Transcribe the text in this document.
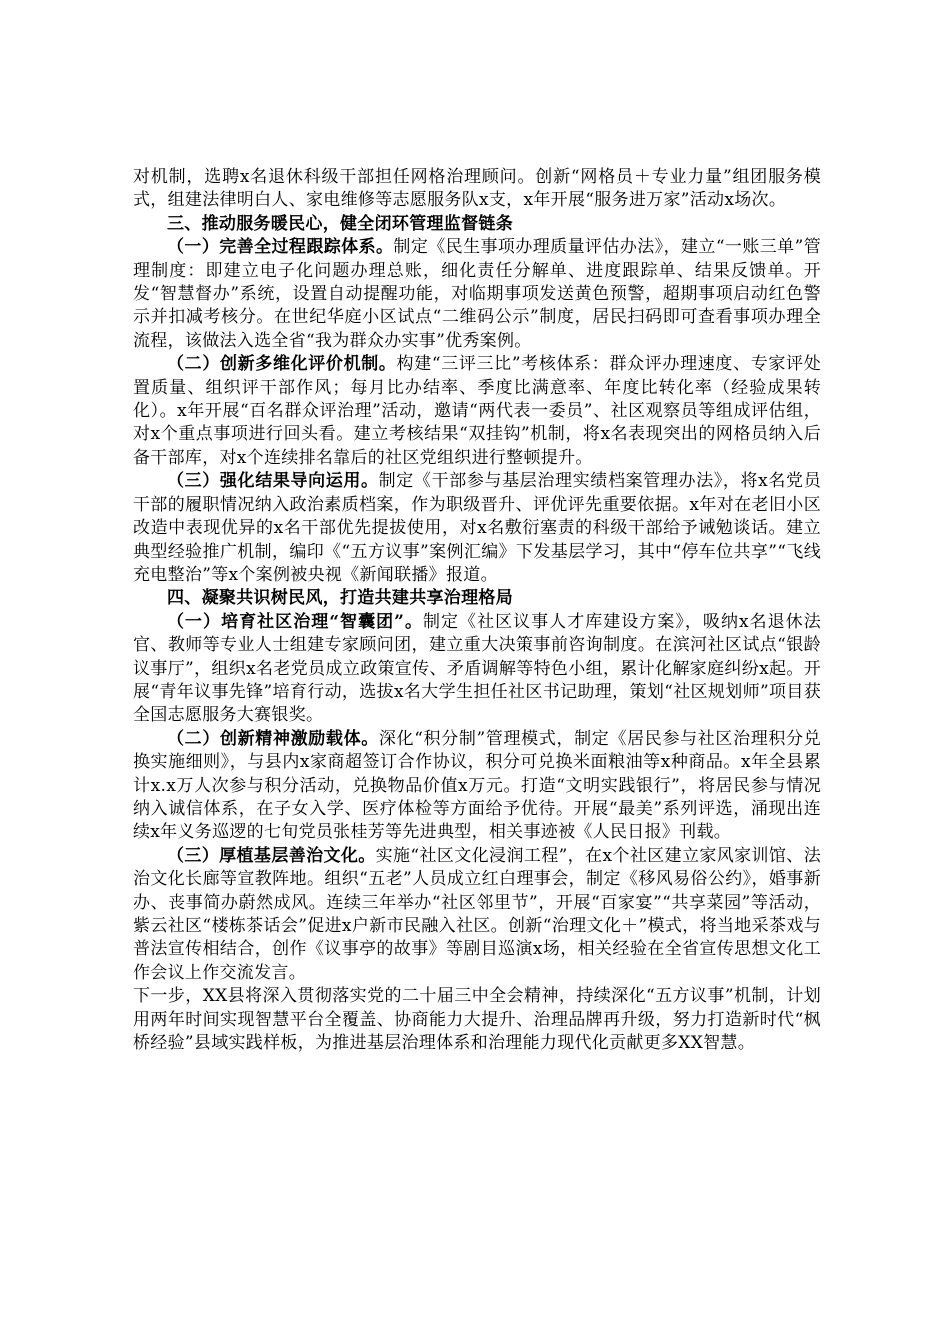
对机制，选聘x名退休科级干部担任网格治理顾问。创新“网格员＋专业力量”组团服务模式，组建法律明白人、家电维修等志愿服务队x支，x年开展“服务进万家”活动x场次。

三、推动服务暖民心，健全闭环管理监督链条

（一）完善全过程跟踪体系。制定《民生事项办理质量评估办法》，建立“一账三单”管理制度：即建立电子化问题办理总账，细化责任分解单、进度跟踪单、结果反馈单。开发“智慧督办”系统，设置自动提醒功能，对临期事项发送黄色预警，超期事项启动红色警示并扣减考核分。在世纪华庭小区试点“二维码公示”制度，居民扫码即可查看事项办理全流程，该做法入选全省“我为群众办实事”优秀案例。

（二）创新多维化评价机制。构建“三评三比”考核体系：群众评办理速度、专家评处置质量、组织评干部作风；每月比办结率、季度比满意率、年度比转化率（经验成果转化）。x年开展“百名群众评治理”活动，邀请“两代表一委员”、社区观察员等组成评估组，对x个重点事项进行回头看。建立考核结果“双挂钩”机制，将x名表现突出的网格员纳入后备干部库，对x个连续排名靠后的社区党组织进行整顿提升。

（三）强化结果导向运用。制定《干部参与基层治理实绩档案管理办法》，将x名党员干部的履职情况纳入政治素质档案，作为职级晋升、评优评先重要依据。x年对在老旧小区改造中表现优异的x名干部优先提拔使用，对x名敷衍塞责的科级干部给予诫勉谈话。建立典型经验推广机制，编印《“五方议事”案例汇编》下发基层学习，其中“停车位共享”“飞线充电整治”等x个案例被央视《新闻联播》报道。

四、凝聚共识树民风，打造共建共享治理格局

（一）培育社区治理“智囊团”。制定《社区议事人才库建设方案》，吸纳x名退休法官、教师等专业人士组建专家顾问团，建立重大决策事前咨询制度。在滨河社区试点“银龄议事厅”，组织x名老党员成立政策宣传、矛盾调解等特色小组，累计化解家庭纠纷x起。开展“青年议事先锋”培育行动，选拔x名大学生担任社区书记助理，策划“社区规划师”项目获全国志愿服务大赛银奖。

（二）创新精神激励载体。深化“积分制”管理模式，制定《居民参与社区治理积分兑换实施细则》，与县内x家商超签订合作协议，积分可兑换米面粮油等x种商品。x年全县累计x.x万人次参与积分活动，兑换物品价值x万元。打造“文明实践银行”，将居民参与情况纳入诚信体系，在子女入学、医疗体检等方面给予优待。开展“最美”系列评选，涌现出连续x年义务巡逻的七旬党员张桂芳等先进典型，相关事迹被《人民日报》刊载。

（三）厚植基层善治文化。实施“社区文化浸润工程”，在x个社区建立家风家训馆、法治文化长廊等宣教阵地。组织“五老”人员成立红白理事会，制定《移风易俗公约》，婚事新办、丧事简办蔚然成风。连续三年举办“社区邻里节”，开展“百家宴”“共享菜园”等活动，紫云社区“楼栋茶话会”促进x户新市民融入社区。创新“治理文化＋”模式，将当地采茶戏与普法宣传相结合，创作《议事亭的故事》等剧目巡演x场，相关经验在全省宣传思想文化工作会议上作交流发言。

下一步，XX县将深入贯彻落实党的二十届三中全会精神，持续深化“五方议事”机制，计划用两年时间实现智慧平台全覆盖、协商能力大提升、治理品牌再升级，努力打造新时代“枫桥经验”县域实践样板，为推进基层治理体系和治理能力现代化贡献更多XX智慧。
